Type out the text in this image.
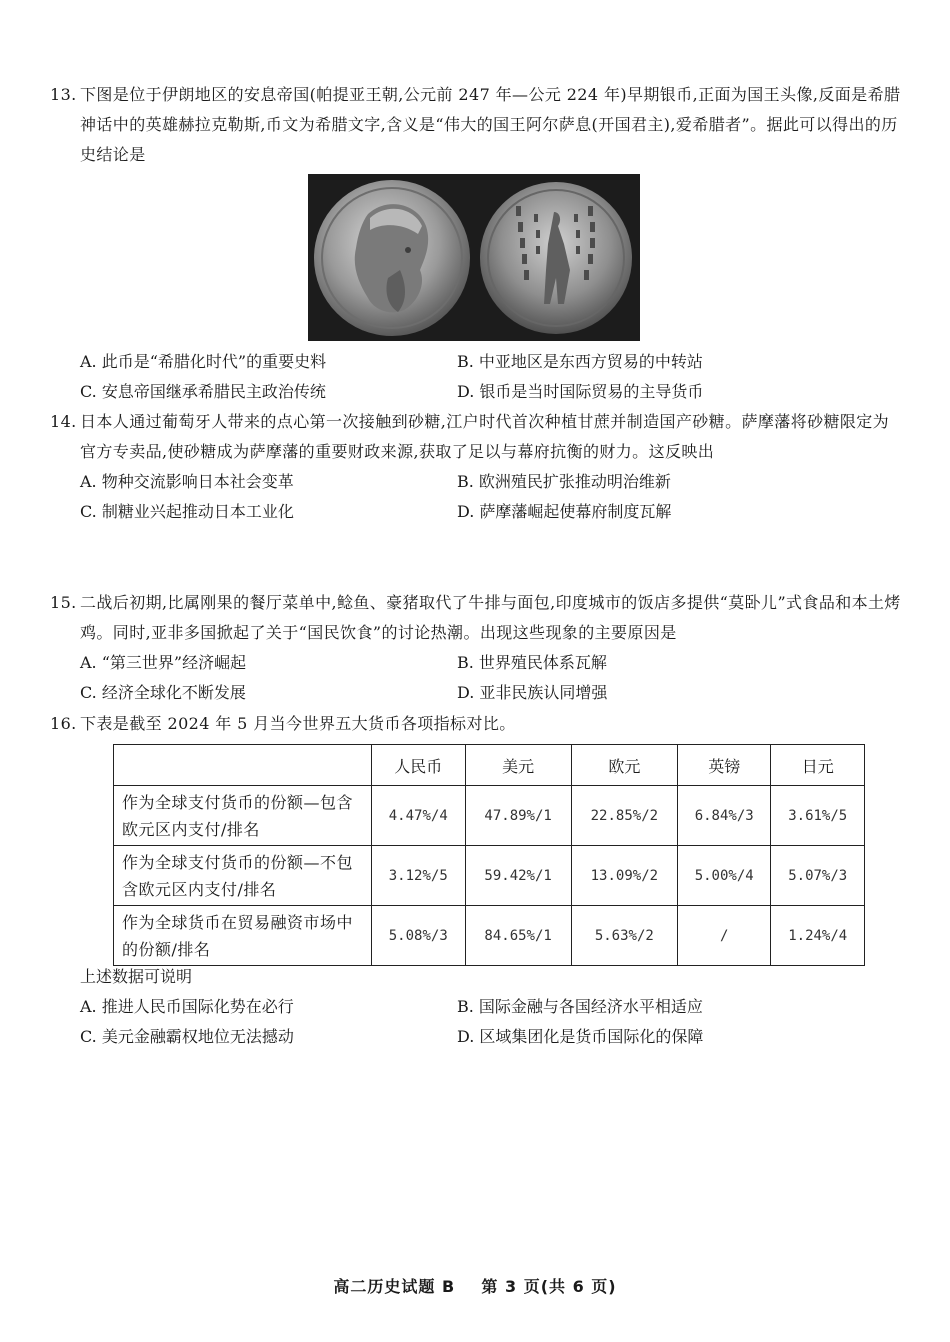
13. 下图是位于伊朗地区的安息帝国(帕提亚王朝,公元前 247 年—公元 224 年)早期银币,正面为国王头像,反面是希腊神话中的英雄赫拉克勒斯,币文为希腊文字,含义是“伟大的国王阿尔萨息(开国君主),爱希腊者”。据此可以得出的历史结论是
A. 此币是“希腊化时代”的重要史料	B. 中亚地区是东西方贸易的中转站
C. 安息帝国继承希腊民主政治传统	D. 银币是当时国际贸易的主导货币
14. 日本人通过葡萄牙人带来的点心第一次接触到砂糖,江户时代首次种植甘蔗并制造国产砂糖。萨摩藩将砂糖限定为官方专卖品,使砂糖成为萨摩藩的重要财政来源,获取了足以与幕府抗衡的财力。这反映出
A. 物种交流影响日本社会变革	B. 欧洲殖民扩张推动明治维新
C. 制糖业兴起推动日本工业化	D. 萨摩藩崛起使幕府制度瓦解
15. 二战后初期,比属刚果的餐厅菜单中,鲶鱼、豪猪取代了牛排与面包,印度城市的饭店多提供“莫卧儿”式食品和本土烤鸡。同时,亚非多国掀起了关于“国民饮食”的讨论热潮。出现这些现象的主要原因是
A. “第三世界”经济崛起	B. 世界殖民体系瓦解
C. 经济全球化不断发展	D. 亚非民族认同增强
16. 下表是截至 2024 年 5 月当今世界五大货币各项指标对比。
	人民币	美元	欧元	英镑	日元
作为全球支付货币的份额—包含欧元区内支付/排名	4.47%/4	47.89%/1	22.85%/2	6.84%/3	3.61%/5
作为全球支付货币的份额—不包含欧元区内支付/排名	3.12%/5	59.42%/1	13.09%/2	5.00%/4	5.07%/3
作为全球货币在贸易融资市场中的份额/排名	5.08%/3	84.65%/1	5.63%/2	/	1.24%/4
上述数据可说明
A. 推进人民币国际化势在必行	B. 国际金融与各国经济水平相适应
C. 美元金融霸权地位无法撼动	D. 区域集团化是货币国际化的保障
高二历史试题 B    第 3 页(共 6 页)
